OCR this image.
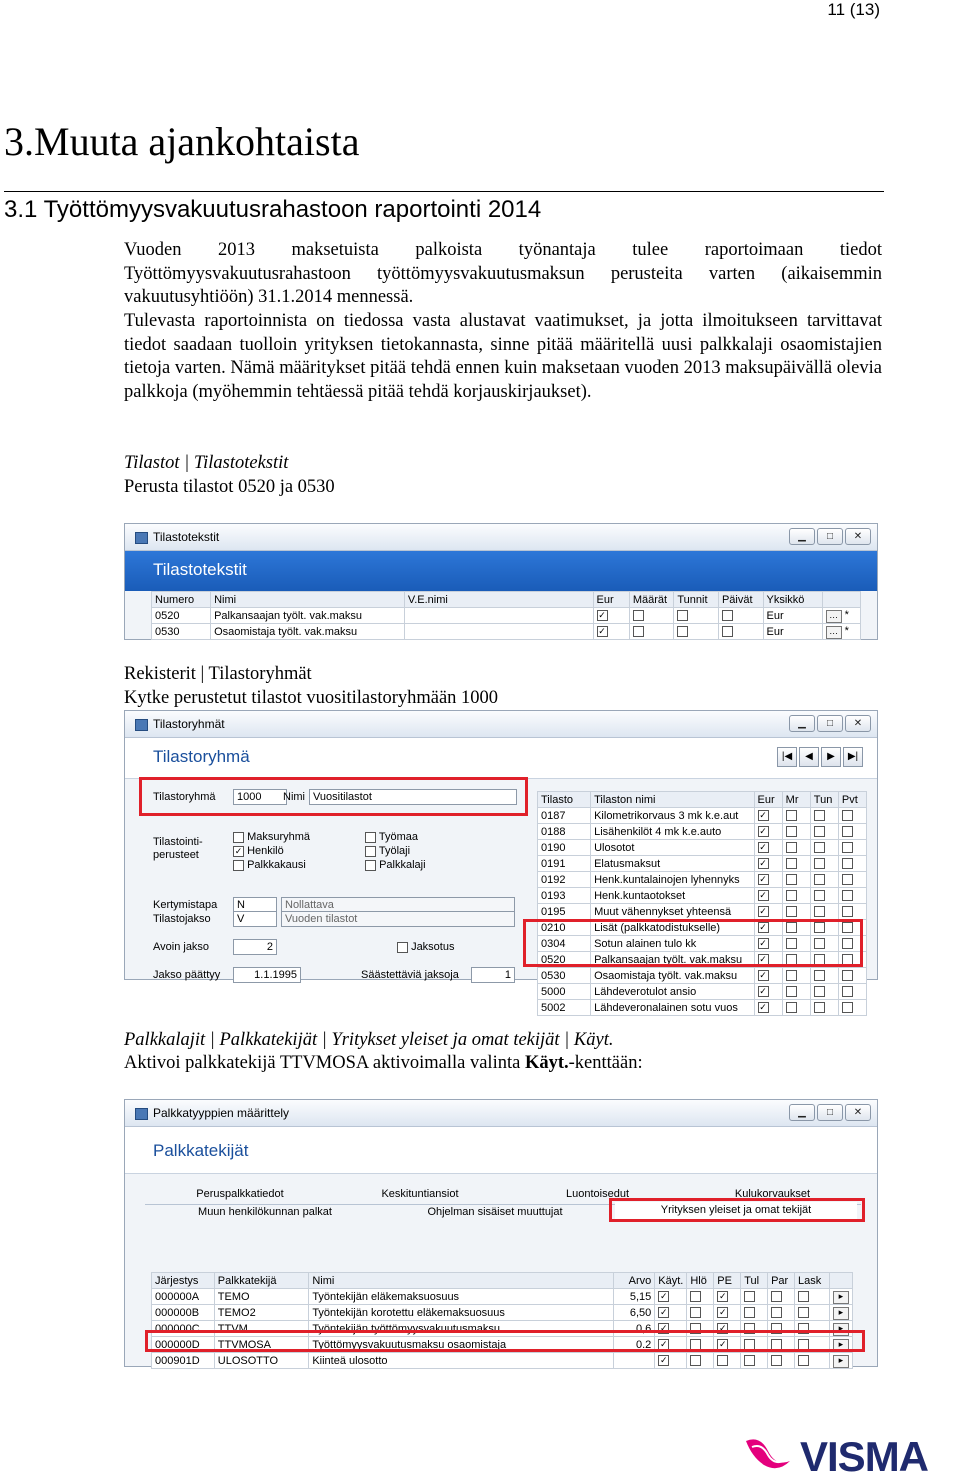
11 (13)
3.Muuta ajankohtaista
3.1 Työttömyysvakuutusrahastoon raportointi 2014
Vuoden 2013 maksetuista palkoista työnantaja tulee raportoimaan tiedot Työttömyysvakuutusrahastoon työttömyysvakuutusmaksun perusteita varten (aikaisemmin vakuutusyhtiöön) 31.1.2014 mennessä.
Tulevasta raportoinnista on tiedossa vasta alustavat vaatimukset, ja jotta ilmoitukseen tarvittavat tiedot saadaan tuolloin yrityksen tietokannasta, sinne pitää määritellä uusi palkkalaji osaomistajien tietoja varten. Nämä määritykset pitää tehdä ennen kuin maksetaan vuoden 2013 maksupäivällä olevia palkkoja (myöhemmin tehtäessä pitää tehdä korjauskirjaukset).
Tilastot | Tilastotekstit
Perusta tilastot 0520 ja 0530
Tilastotekstit	▁	□	✕
Tilastotekstit
Numero	Nimi	V.E.nimi	Eur	Määrät	Tunnit	Päivät	Yksikkö	
0520	Palkansaajan työlt. vak.maksu		✓				Eur	… *
0530	Osaomistaja työlt. vak.maksu		✓				Eur	… *
Rekisterit | Tilastoryhmät
Kytke perustetut tilastot vuositilastoryhmään 1000
Tilastoryhmät	▁	□	✕
Tilastoryhmä	|◀	◀	▶	▶|
Tilastoryhmä	1000	Nimi Vuositilastot
Tilastointi-perusteet
Maksuryhmä
✓ Henkilö
Palkkakausi
Työmaa
Työlaji
Palkkalaji
Kertymistapa	N	Nollattava
Tilastojakso	V	Vuoden tilastot
Avoin jakso	2	Jaksotus
Jakso päättyy	1.1.1995	Säästettäviä jaksoja	1
Tilasto	Tilaston nimi	Eur	Mr	Tun	Pvt
0187	Kilometrikorvaus 3 mk k.e.aut	✓			
0188	Lisähenkilöt 4 mk k.e.auto	✓			
0190	Ulosotot	✓			
0191	Elatusmaksut	✓			
0192	Henk.kuntalainojen lyhennyks	✓			
0193	Henk.kuntaotokset	✓			
0195	Muut vähennykset yhteensä	✓			
0210	Lisät (palkkatodistukselle)	✓			
0304	Sotun alainen tulo kk	✓			
0520	Palkansaajan työlt. vak.maksu	✓			
0530	Osaomistaja työlt. vak.maksu	✓			
5000	Lähdeverotulot ansio	✓			
5002	Lähdeveronalainen sotu vuos	✓			
Palkkalajit | Palkkatekijät | Yritykset yleiset ja omat tekijät | Käyt.
Aktivoi palkkatekijä TTVMOSA aktivoimalla valinta Käyt.-kenttään:
Palkkatyyppien määrittely	▁	□	✕
Palkkatekijät
Peruspalkkatiedot	Keskituntiansiot	Luontoisedut	Kulukorvaukset
Muun henkilökunnan palkat	Ohjelman sisäiset muuttujat	Yrityksen yleiset ja omat tekijät
Järjestys	Palkkatekijä	Nimi	Arvo	Käyt.	Hlö	PE	Tul	Par	Lask	
000000A	TEMO	Työntekijän eläkemaksuosuus	5,15	✓		✓				▸
000000B	TEMO2	Työntekijän korotettu eläkemaksuosuus	6,50	✓		✓				▸
000000C	TTVM	Työntekijän työttömyysvakuutusmaksu	0,6	✓		✓				▸
000000D	TTVMOSA	Työttömyysvakuutusmaksu osaomistaja	0.2	✓		✓				▸
000901D	ULOSOTTO	Kiinteä ulosotto		✓						▸
VISMA
